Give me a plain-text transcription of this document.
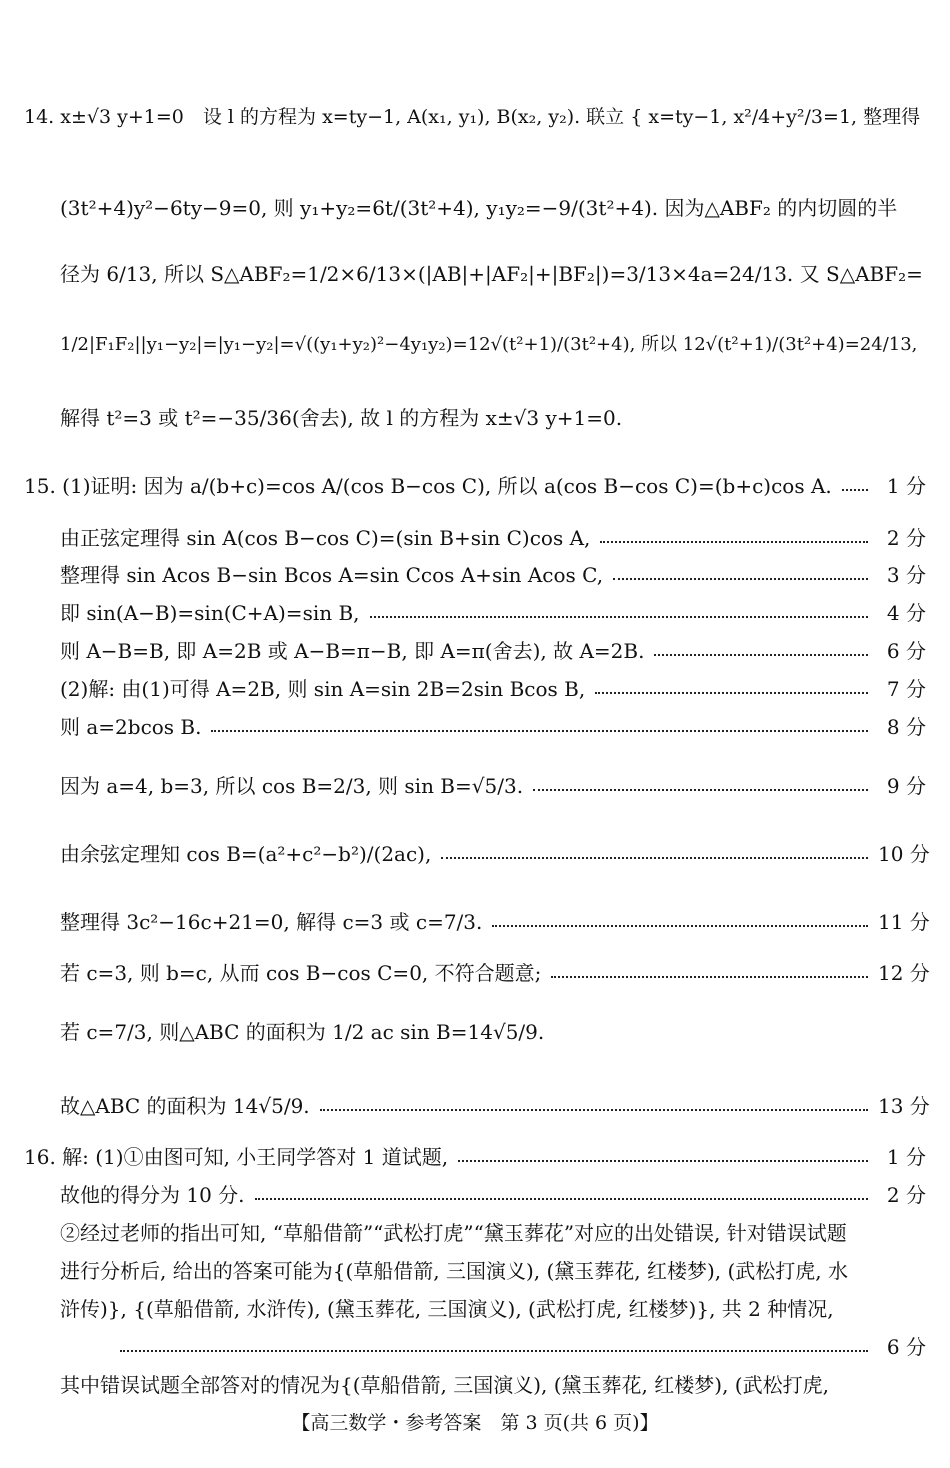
14. x±√3 y+1=0　设 l 的方程为 x=ty−1, A(x₁, y₁), B(x₂, y₂). 联立 { x=ty−1, x²/4+y²/3=1, 整理得
(3t²+4)y²−6ty−9=0, 则 y₁+y₂=6t/(3t²+4), y₁y₂=−9/(3t²+4). 因为△ABF₂ 的内切圆的半
径为 6/13, 所以 S△ABF₂=1/2×6/13×(|AB|+|AF₂|+|BF₂|)=3/13×4a=24/13. 又 S△ABF₂=
1/2|F₁F₂||y₁−y₂|=|y₁−y₂|=√((y₁+y₂)²−4y₁y₂)=12√(t²+1)/(3t²+4), 所以 12√(t²+1)/(3t²+4)=24/13,
解得 t²=3 或 t²=−35/36(舍去), 故 l 的方程为 x±√3 y+1=0.
15. (1)证明: 因为 a/(b+c)=cos A/(cos B−cos C), 所以 a(cos B−cos C)=(b+c)cos A.	1 分
由正弦定理得 sin A(cos B−cos C)=(sin B+sin C)cos A,	2 分
整理得 sin Acos B−sin Bcos A=sin Ccos A+sin Acos C,	3 分
即 sin(A−B)=sin(C+A)=sin B,	4 分
则 A−B=B, 即 A=2B 或 A−B=π−B, 即 A=π(舍去), 故 A=2B.	6 分
(2)解: 由(1)可得 A=2B, 则 sin A=sin 2B=2sin Bcos B,	7 分
则 a=2bcos B.	8 分
因为 a=4, b=3, 所以 cos B=2/3, 则 sin B=√5/3.	9 分
由余弦定理知 cos B=(a²+c²−b²)/(2ac),	10 分
整理得 3c²−16c+21=0, 解得 c=3 或 c=7/3.	11 分
若 c=3, 则 b=c, 从而 cos B−cos C=0, 不符合题意;	12 分
若 c=7/3, 则△ABC 的面积为 1/2 ac sin B=14√5/9.
故△ABC 的面积为 14√5/9.	13 分
16. 解: (1)①由图可知, 小王同学答对 1 道试题,	1 分
故他的得分为 10 分.	2 分
②经过老师的指出可知, “草船借箭”“武松打虎”“黛玉葬花”对应的出处错误, 针对错误试题
进行分析后, 给出的答案可能为{(草船借箭, 三国演义), (黛玉葬花, 红楼梦), (武松打虎, 水
浒传)}, {(草船借箭, 水浒传), (黛玉葬花, 三国演义), (武松打虎, 红楼梦)}, 共 2 种情况,
6 分
其中错误试题全部答对的情况为{(草船借箭, 三国演义), (黛玉葬花, 红楼梦), (武松打虎,
【高三数学・参考答案　第 3 页(共 6 页)】
